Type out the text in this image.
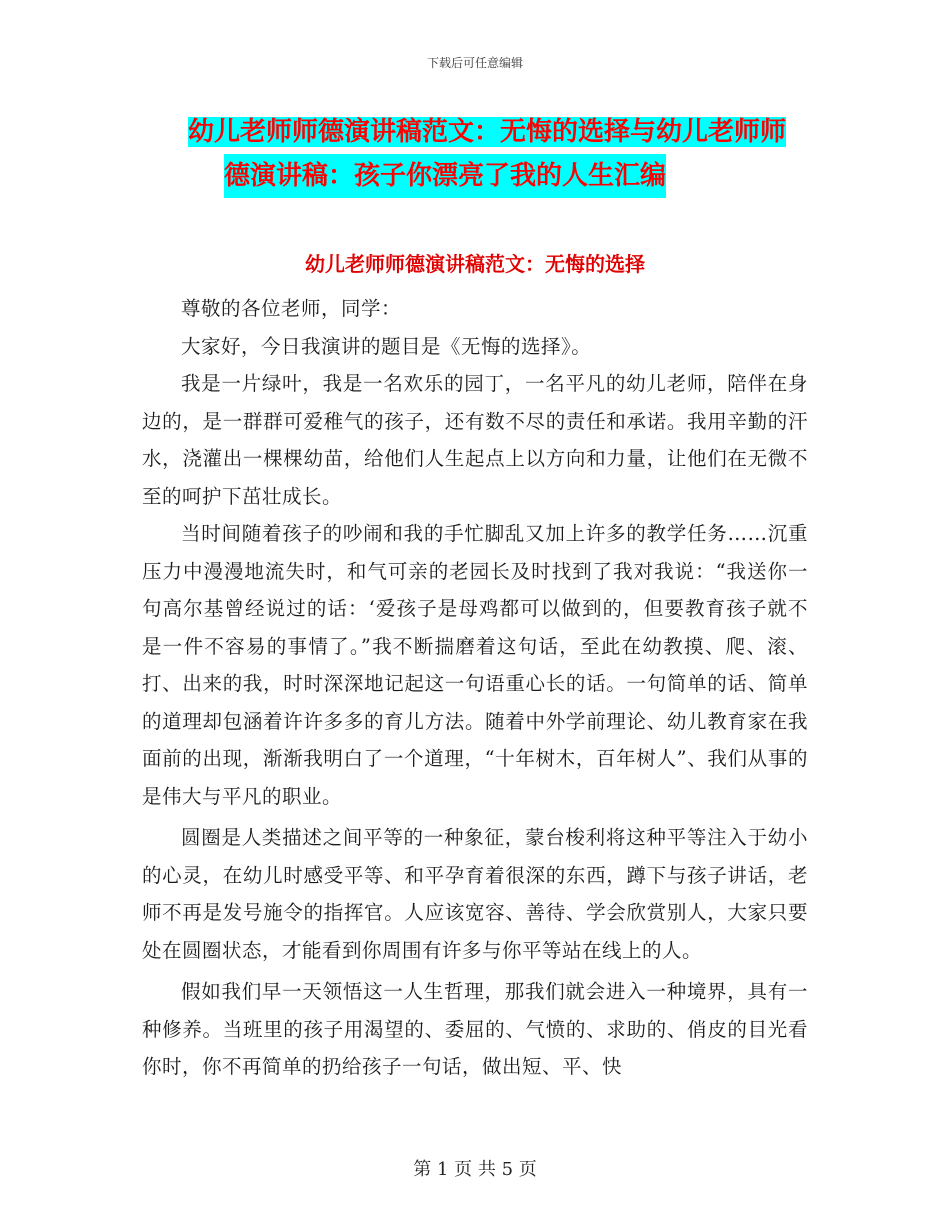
下载后可任意编辑
幼儿老师师德演讲稿范文：无悔的选择与幼儿老师师
德演讲稿：孩子你漂亮了我的人生汇编
幼儿老师师德演讲稿范文：无悔的选择

尊敬的各位老师，同学：

大家好，今日我演讲的题目是《无悔的选择》。

我是一片绿叶，我是一名欢乐的园丁，一名平凡的幼儿老师，陪伴在身边的，是一群群可爱稚气的孩子，还有数不尽的责任和承诺。我用辛勤的汗水，浇灌出一棵棵幼苗，给他们人生起点上以方向和力量，让他们在无微不至的呵护下茁壮成长。

当时间随着孩子的吵闹和我的手忙脚乱又加上许多的教学任务……沉重压力中漫漫地流失时，和气可亲的老园长及时找到了我对我说：“我送你一句高尔基曾经说过的话：‘爱孩子是母鸡都可以做到的，但要教育孩子就不是一件不容易的事情了。”我不断揣磨着这句话，至此在幼教摸、爬、滚、打、出来的我，时时深深地记起这一句语重心长的话。一句简单的话、简单的道理却包涵着许许多多的育儿方法。随着中外学前理论、幼儿教育家在我面前的出现，渐渐我明白了一个道理，“十年树木，百年树人”、我们从事的是伟大与平凡的职业。

圆圈是人类描述之间平等的一种象征，蒙台梭利将这种平等注入于幼小的心灵，在幼儿时感受平等、和平孕育着很深的东西，蹲下与孩子讲话，老师不再是发号施令的指挥官。人应该宽容、善待、学会欣赏别人，大家只要处在圆圈状态，才能看到你周围有许多与你平等站在线上的人。

假如我们早一天领悟这一人生哲理，那我们就会进入一种境界，具有一种修养。当班里的孩子用渴望的、委屈的、气愤的、求助的、俏皮的目光看你时，你不再简单的扔给孩子一句话，做出短、平、快

第 1 页 共 5 页
